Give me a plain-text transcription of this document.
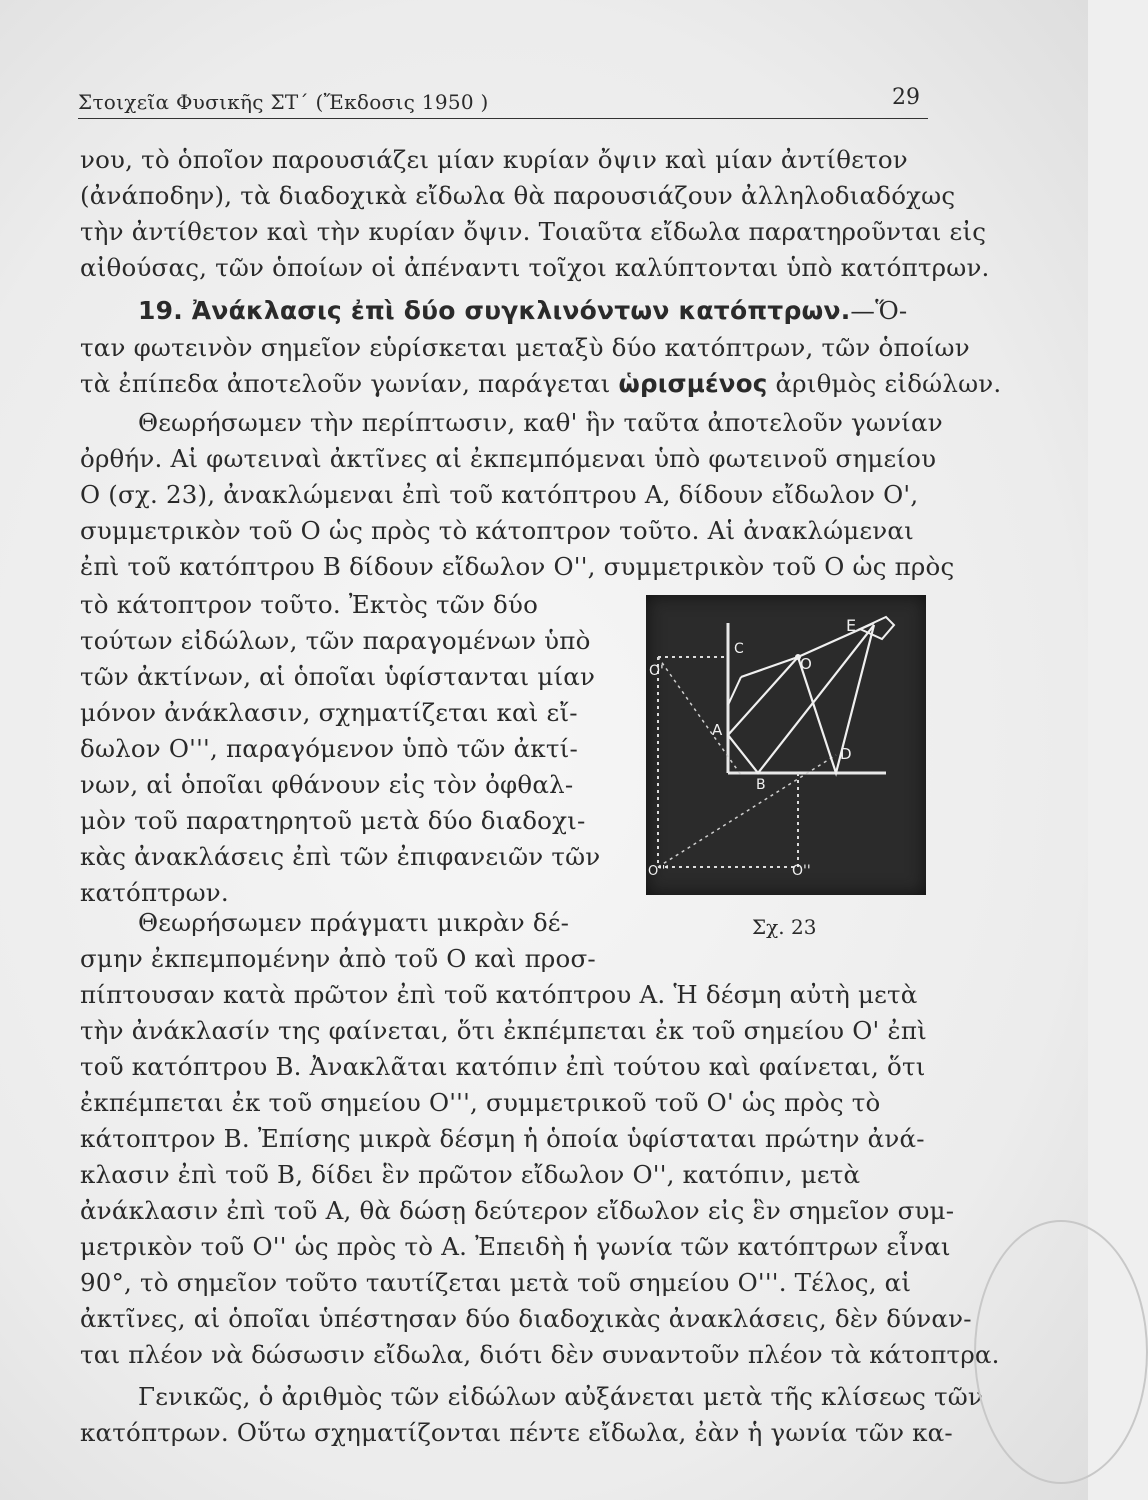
Στοιχεῖα Φυσικῆς ΣΤ΄ (Ἔκδοσις 1950 )	29
νου, τὸ ὁποῖον παρουσιάζει μίαν κυρίαν ὄψιν καὶ μίαν ἀντίθετον
(ἀνάποδην), τὰ διαδοχικὰ εἴδωλα θὰ παρουσιάζουν ἀλληλοδιαδόχως
τὴν ἀντίθετον καὶ τὴν κυρίαν ὄψιν. Τοιαῦτα εἴδωλα παρατηροῦνται εἰς
αἰθούσας, τῶν ὁποίων οἱ ἀπέναντι τοῖχοι καλύπτονται ὑπὸ κατόπτρων.
19. Ἀνάκλασις ἐπὶ δύο συγκλινόντων κατόπτρων.—Ὅ-
ταν φωτεινὸν σημεῖον εὑρίσκεται μεταξὺ δύο κατόπτρων, τῶν ὁποίων
τὰ ἐπίπεδα ἀποτελοῦν γωνίαν, παράγεται ὡρισμένος ἀριθμὸς εἰδώλων.
Θεωρήσωμεν τὴν περίπτωσιν, καθ' ἣν ταῦτα ἀποτελοῦν γωνίαν
ὀρθήν. Αἱ φωτειναὶ ἀκτῖνες αἱ ἐκπεμπόμεναι ὑπὸ φωτεινοῦ σημείου
Ο (σχ. 23), ἀνακλώμεναι ἐπὶ τοῦ κατόπτρου Α, δίδουν εἴδωλον Ο',
συμμετρικὸν τοῦ Ο ὡς πρὸς τὸ κάτοπτρον τοῦτο. Αἱ ἀνακλώμεναι
ἐπὶ τοῦ κατόπτρου Β δίδουν εἴδωλον Ο'', συμμετρικὸν τοῦ Ο ὡς πρὸς
τὸ κάτοπτρον τοῦτο. Ἐκτὸς τῶν δύο
τούτων εἰδώλων, τῶν παραγομένων ὑπὸ
τῶν ἀκτίνων, αἱ ὁποῖαι ὑφίστανται μίαν
μόνον ἀνάκλασιν, σχηματίζεται καὶ εἴ-
δωλον Ο''', παραγόμενον ὑπὸ τῶν ἀκτί-
νων, αἱ ὁποῖαι φθάνουν εἰς τὸν ὀφθαλ-
μὸν τοῦ παρατηρητοῦ μετὰ δύο διαδοχι-
κὰς ἀνακλάσεις ἐπὶ τῶν ἐπιφανειῶν τῶν
κατόπτρων.
Θεωρήσωμεν πράγματι μικρὰν δέ-
σμην ἐκπεμπομένην ἀπὸ τοῦ Ο καὶ προσ-
πίπτουσαν κατὰ πρῶτον ἐπὶ τοῦ κατόπτρου Α. Ἡ δέσμη αὐτὴ μετὰ
τὴν ἀνάκλασίν της φαίνεται, ὅτι ἐκπέμπεται ἐκ τοῦ σημείου Ο' ἐπὶ
τοῦ κατόπτρου Β. Ἀνακλᾶται κατόπιν ἐπὶ τούτου καὶ φαίνεται, ὅτι
ἐκπέμπεται ἐκ τοῦ σημείου Ο''', συμμετρικοῦ τοῦ Ο' ὡς πρὸς τὸ
κάτοπτρον Β. Ἐπίσης μικρὰ δέσμη ἡ ὁποία ὑφίσταται πρώτην ἀνά-
κλασιν ἐπὶ τοῦ Β, δίδει ἓν πρῶτον εἴδωλον Ο'', κατόπιν, μετὰ
ἀνάκλασιν ἐπὶ τοῦ Α, θὰ δώσῃ δεύτερον εἴδωλον εἰς ἓν σημεῖον συμ-
μετρικὸν τοῦ Ο'' ὡς πρὸς τὸ Α. Ἐπειδὴ ἡ γωνία τῶν κατόπτρων εἶναι
90°, τὸ σημεῖον τοῦτο ταυτίζεται μετὰ τοῦ σημείου Ο'''. Τέλος, αἱ
ἀκτῖνες, αἱ ὁποῖαι ὑπέστησαν δύο διαδοχικὰς ἀνακλάσεις, δὲν δύναν-
ται πλέον νὰ δώσωσιν εἴδωλα, διότι δὲν συναντοῦν πλέον τὰ κάτοπτρα.
Γενικῶς, ὁ ἀριθμὸς τῶν εἰδώλων αὐξάνεται μετὰ τῆς κλίσεως τῶν
κατόπτρων. Οὕτω σχηματίζονται πέντε εἴδωλα, ἐὰν ἡ γωνία τῶν κα-
C
E
O
O'
A
B
D
O'''	O''
Σχ. 23
